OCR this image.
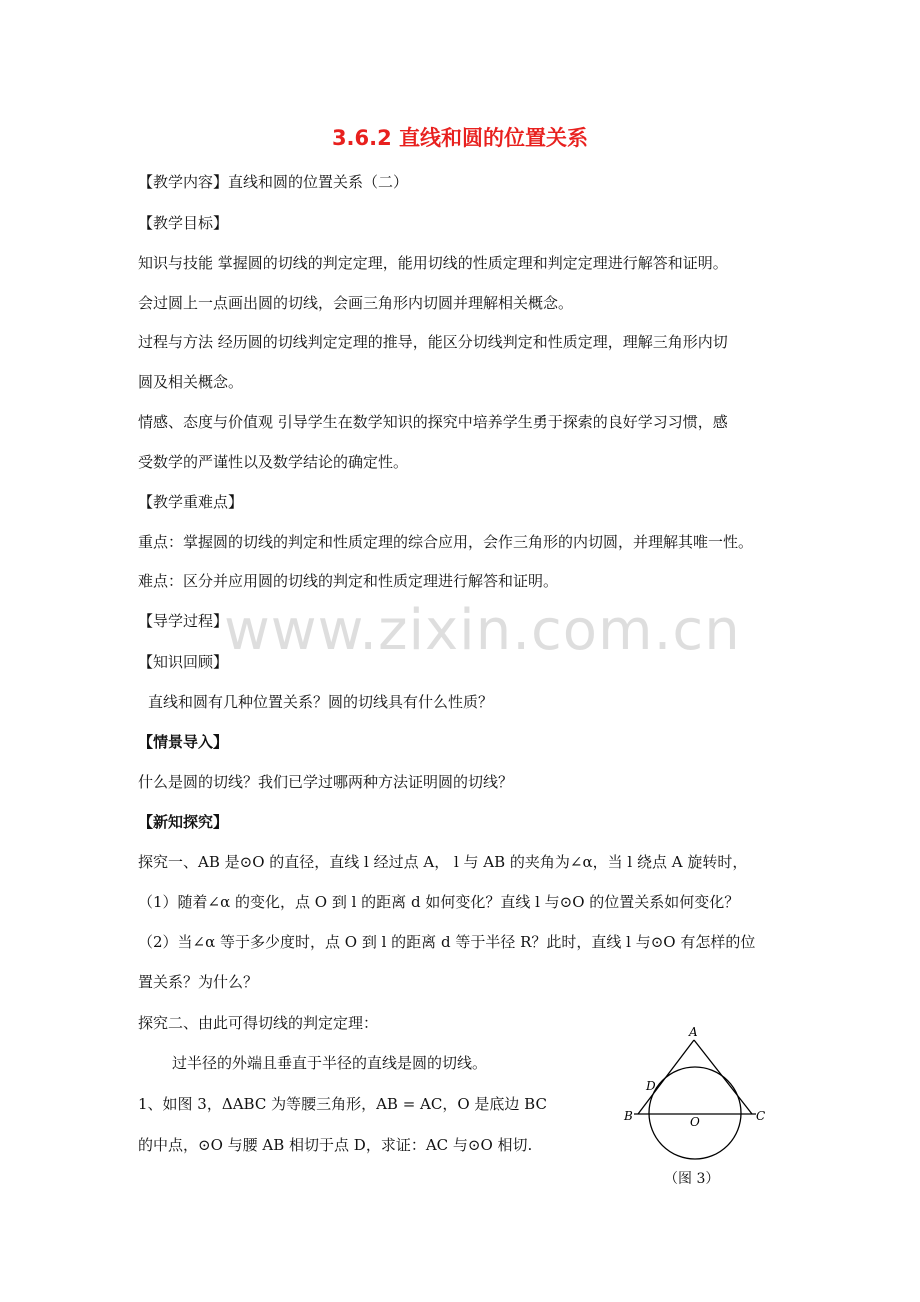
3.6.2 直线和圆的位置关系
【教学内容】直线和圆的位置关系（二）
【教学目标】
知识与技能 掌握圆的切线的判定定理，能用切线的性质定理和判定定理进行解答和证明。
会过圆上一点画出圆的切线，会画三角形内切圆并理解相关概念。
过程与方法 经历圆的切线判定定理的推导，能区分切线判定和性质定理，理解三角形内切
圆及相关概念。
情感、态度与价值观 引导学生在数学知识的探究中培养学生勇于探索的良好学习习惯，感
受数学的严谨性以及数学结论的确定性。
【教学重难点】
重点：掌握圆的切线的判定和性质定理的综合应用，会作三角形的内切圆，并理解其唯一性。
难点：区分并应用圆的切线的判定和性质定理进行解答和证明。
【导学过程】
【知识回顾】
直线和圆有几种位置关系？圆的切线具有什么性质？
【情景导入】
什么是圆的切线？我们已学过哪两种方法证明圆的切线？
【新知探究】
探究一、AB 是⊙O 的直径，直线 l 经过点 A， l 与 AB 的夹角为∠α，当 l 绕点 A 旋转时，
（1）随着∠α 的变化，点 O 到 l 的距离 d 如何变化？直线 l 与⊙O 的位置关系如何变化？
（2）当∠α 等于多少度时，点 O 到 l 的距离 d 等于半径 R？此时，直线 l 与⊙O 有怎样的位
置关系？为什么？
探究二、由此可得切线的判定定理：
过半径的外端且垂直于半径的直线是圆的切线。
1、如图 3，ΔABC 为等腰三角形，AB = AC，O 是底边 BC
的中点，⊙O 与腰 AB 相切于点 D，求证：AC 与⊙O 相切.
www.zixin.com.cn
A
D
B	C
O
（图 3）
